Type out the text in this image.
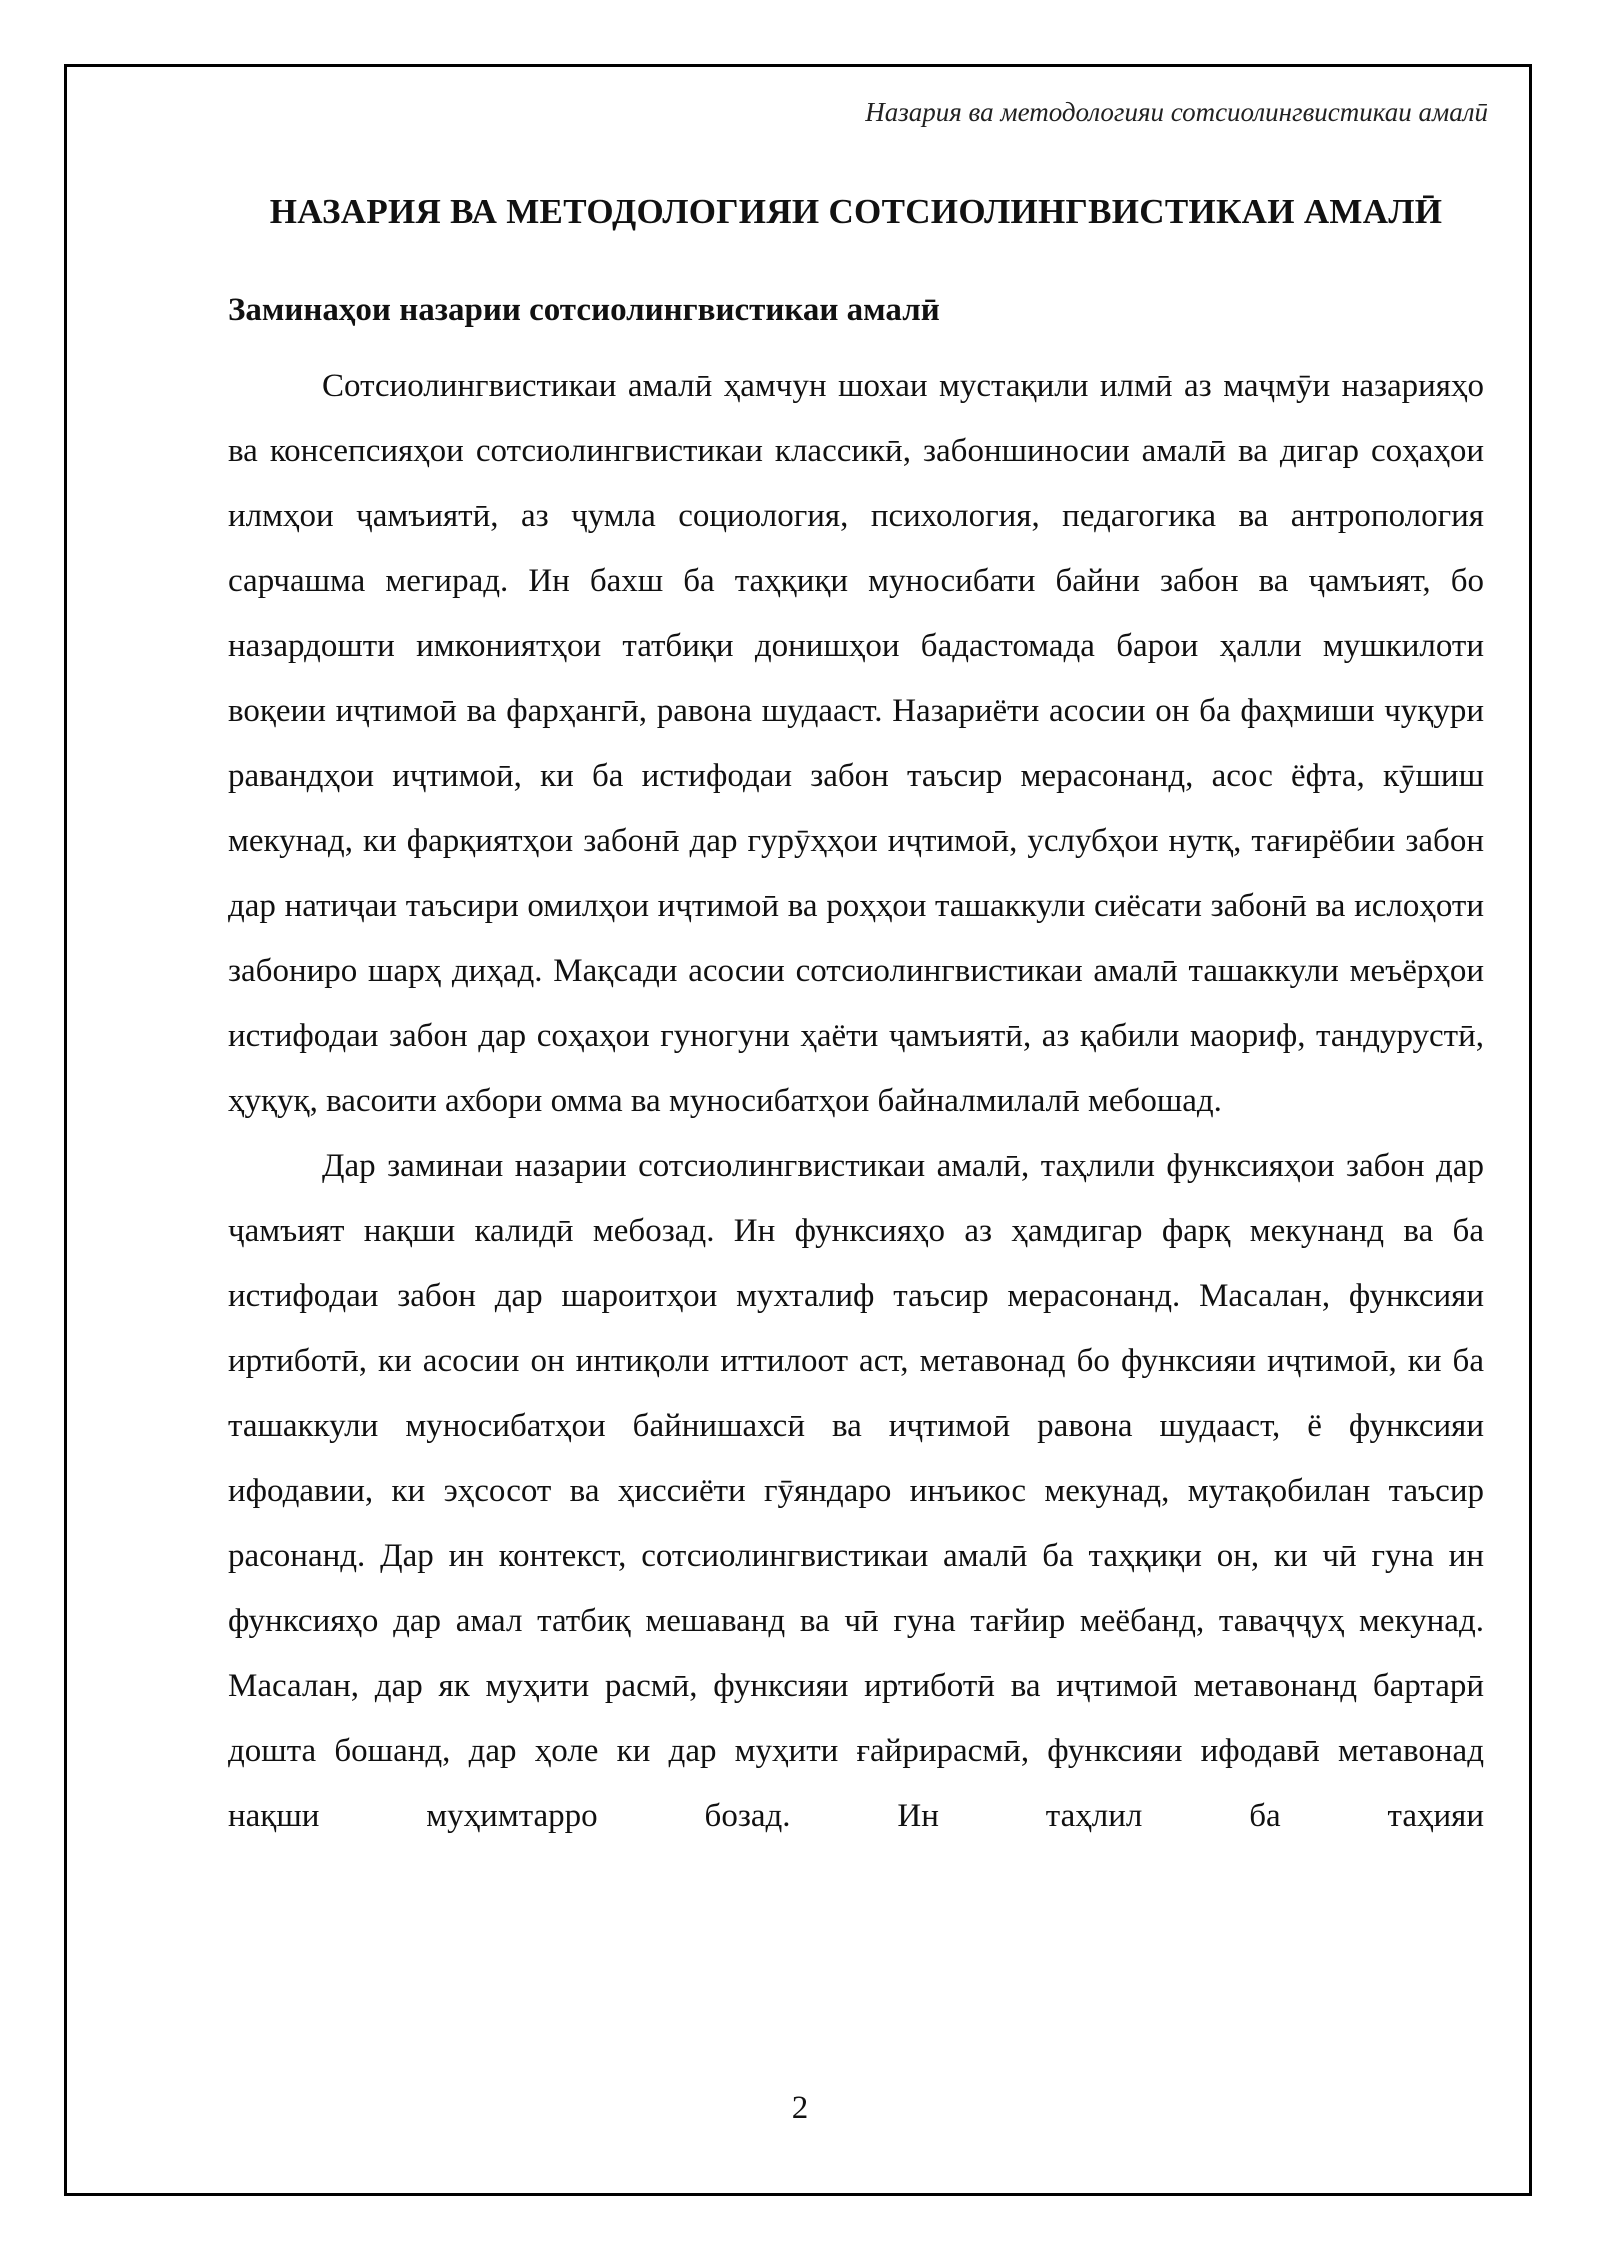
Назария ва методологияи сотсиолингвистикаи амалӣ
НАЗАРИЯ ВА МЕТОДОЛОГИЯИ СОТСИОЛИНГВИСТИКАИ АМАЛӢ
Заминаҳои назарии сотсиолингвистикаи амалӣ

Сотсиолингвистикаи амалӣ ҳамчун шохаи мустақили илмӣ аз маҷмӯи назарияҳо ва консепсияҳои сотсиолингвистикаи классикӣ, забоншиносии амалӣ ва дигар соҳаҳои илмҳои ҷамъиятӣ, аз ҷумла социология, психология, педагогика ва антропология сарчашма мегирад. Ин бахш ба таҳқиқи муносибати байни забон ва ҷамъият, бо назардошти имкониятҳои татбиқи донишҳои бадастомада барои ҳалли мушкилоти воқеии иҷтимоӣ ва фарҳангӣ, равона шудааст. Назариёти асосии он ба фаҳмиши чуқури равандҳои иҷтимоӣ, ки ба истифодаи забон таъсир мерасонанд, асос ёфта, кӯшиш мекунад, ки фарқиятҳои забонӣ дар гурӯҳҳои иҷтимоӣ, услубҳои нутқ, тағирёбии забон дар натиҷаи таъсири омилҳои иҷтимоӣ ва роҳҳои ташаккули сиёсати забонӣ ва ислоҳоти забониро шарҳ диҳад. Мақсади асосии сотсиолингвистикаи амалӣ ташаккули меъёрҳои истифодаи забон дар соҳаҳои гуногуни ҳаёти ҷамъиятӣ, аз қабили маориф, тандурустӣ, ҳуқуқ, васоити ахбори омма ва муносибатҳои байналмилалӣ мебошад.

Дар заминаи назарии сотсиолингвистикаи амалӣ, таҳлили функсияҳои забон дар ҷамъият нақши калидӣ мебозад. Ин функсияҳо аз ҳамдигар фарқ мекунанд ва ба истифодаи забон дар шароитҳои мухталиф таъсир мерасонанд. Масалан, функсияи иртиботӣ, ки асосии он интиқоли иттилоот аст, метавонад бо функсияи иҷтимоӣ, ки ба ташаккули муносибатҳои байнишахсӣ ва иҷтимоӣ равона шудааст, ё функсияи ифодавии, ки эҳсосот ва ҳиссиёти гӯяндаро инъикос мекунад, мутақобилан таъсир расонанд. Дар ин контекст, сотсиолингвистикаи амалӣ ба таҳқиқи он, ки чӣ гуна ин функсияҳо дар амал татбиқ мешаванд ва чӣ гуна тағйир меёбанд, таваҷҷуҳ мекунад. Масалан, дар як муҳити расмӣ, функсияи иртиботӣ ва иҷтимоӣ метавонанд бартарӣ дошта бошанд, дар ҳоле ки дар муҳити ғайрирасмӣ, функсияи ифодавӣ метавонад нақши муҳимтарро бозад. Ин таҳлил ба таҳияи

2
